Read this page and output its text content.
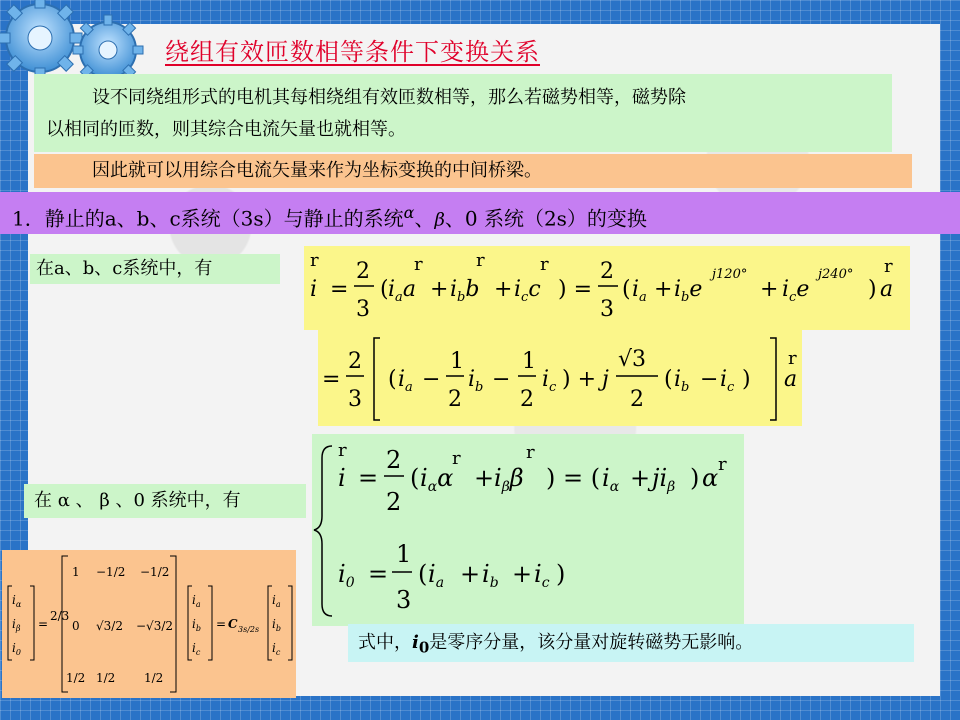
绕组有效匝数相等条件下变换关系
设不同绕组形式的电机其每相绕组有效匝数相等，那么若磁势相等，磁势除
以相同的匝数，则其综合电流矢量也就相等。
因此就可以用综合电流矢量来作为坐标变换的中间桥梁。
1．静止的a、b、c系统（3s）与静止的系统$^\alpha$、β、0 系统（2s）的变换
在a、b、c系统中，有	r
i =
2
3
( $i_aa$
r
+ $i_bb$
r
+ $i_cc$
r
) =
2
3
( $i_a + i_be$
j120°
+ $i_ce$
j240°
) a
r
=
2
3
( $i_a$ −
1
2
$i_b$ −
1
2
$i_c$ ) + j
√3
2
( $i_b - i_c$ ) a
r
r
i =
2
2
( $i_\alpha\alpha$
r
+ $i_\beta\beta$
r
) = ( $i_\alpha + ji_\beta$ ) α r
$i_0$ =
1
3
( $i_a + i_b + i_c$ )
在 α 、 β 、0 系统中，有
$i_\alpha$
$i_\beta$
$i_0$
=
2/3
1 −1/2 −1/2
0 √3/2 −√3/2
1/2 1/2 1/2
$i_a$
$i_b$
$i_c$
= C 3s/2s
$i_a$
$i_b$
$i_c$	式中，$i_0$是零序分量，该分量对旋转磁势无影响。
